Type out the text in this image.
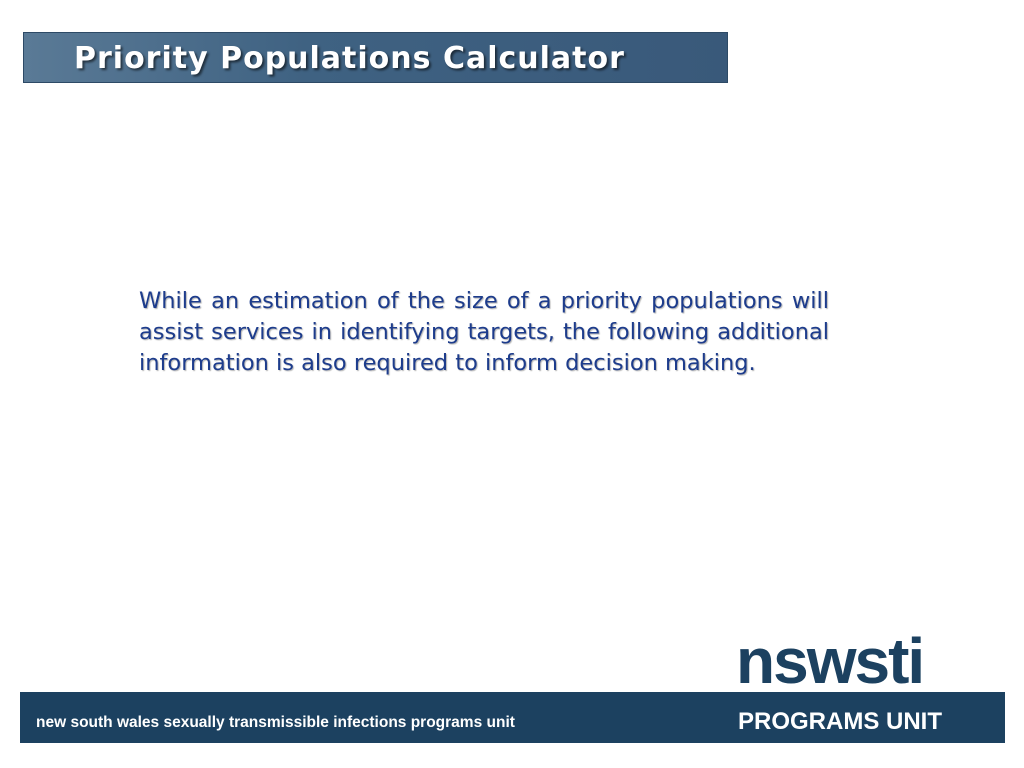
Priority Populations Calculator
While an estimation of the size of a priority populations will assist services in identifying targets, the following additional information is also required to inform decision making.
new south wales sexually transmissible infections programs unit
nswsti
PROGRAMS UNIT
